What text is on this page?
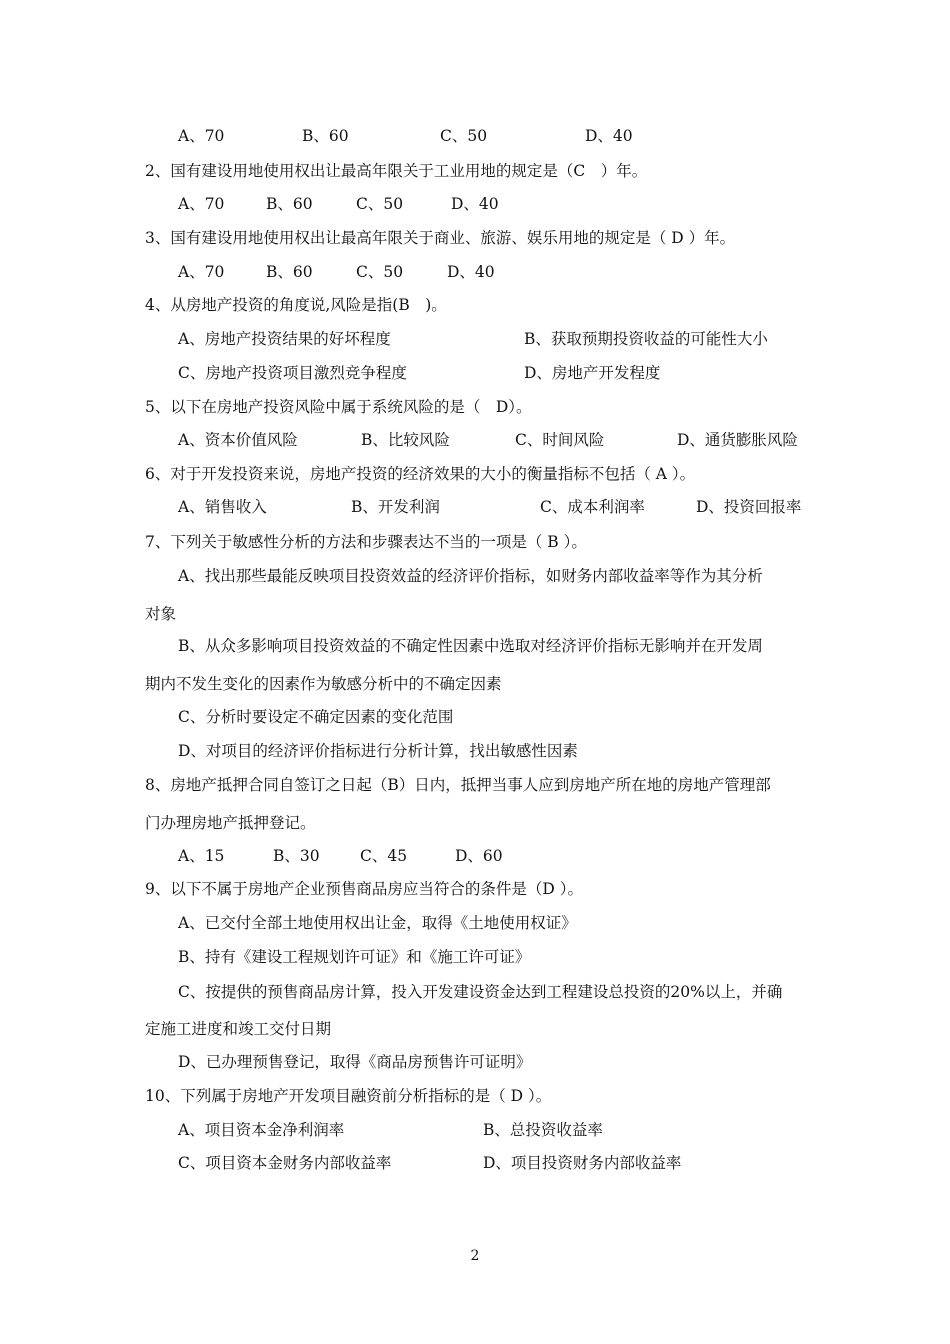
A、70	B、60	C、50	D、40
2、国有建设用地使用权出让最高年限关于工业用地的规定是（C　）年。
A、70	B、60	C、50	D、40
3、国有建设用地使用权出让最高年限关于商业、旅游、娱乐用地的规定是（ D ）年。
A、70	B、60	C、50	D、40
4、从房地产投资的角度说,风险是指(B　)。
A、房地产投资结果的好坏程度	B、获取预期投资收益的可能性大小
C、房地产投资项目激烈竞争程度	D、房地产开发程度
5、以下在房地产投资风险中属于系统风险的是（　D）。
A、资本价值风险	B、比较风险	C、时间风险	D、通货膨胀风险
6、对于开发投资来说，房地产投资的经济效果的大小的衡量指标不包括（ A ）。
A、销售收入	B、开发利润	C、成本利润率	D、投资回报率
7、下列关于敏感性分析的方法和步骤表达不当的一项是（ B ）。
A、找出那些最能反映项目投资效益的经济评价指标，如财务内部收益率等作为其分析
对象
B、从众多影响项目投资效益的不确定性因素中选取对经济评价指标无影响并在开发周
期内不发生变化的因素作为敏感分析中的不确定因素
C、分析时要设定不确定因素的变化范围
D、对项目的经济评价指标进行分析计算，找出敏感性因素
8、房地产抵押合同自签订之日起（B）日内，抵押当事人应到房地产所在地的房地产管理部
门办理房地产抵押登记。
A、15	B、30	C、45	D、60
9、以下不属于房地产企业预售商品房应当符合的条件是（D ）。
A、已交付全部土地使用权出让金，取得《土地使用权证》
B、持有《建设工程规划许可证》和《施工许可证》
C、按提供的预售商品房计算，投入开发建设资金达到工程建设总投资的20%以上，并确
定施工进度和竣工交付日期
D、已办理预售登记，取得《商品房预售许可证明》
10、下列属于房地产开发项目融资前分析指标的是（ D ）。
A、项目资本金净利润率	B、总投资收益率
C、项目资本金财务内部收益率	D、项目投资财务内部收益率
2
